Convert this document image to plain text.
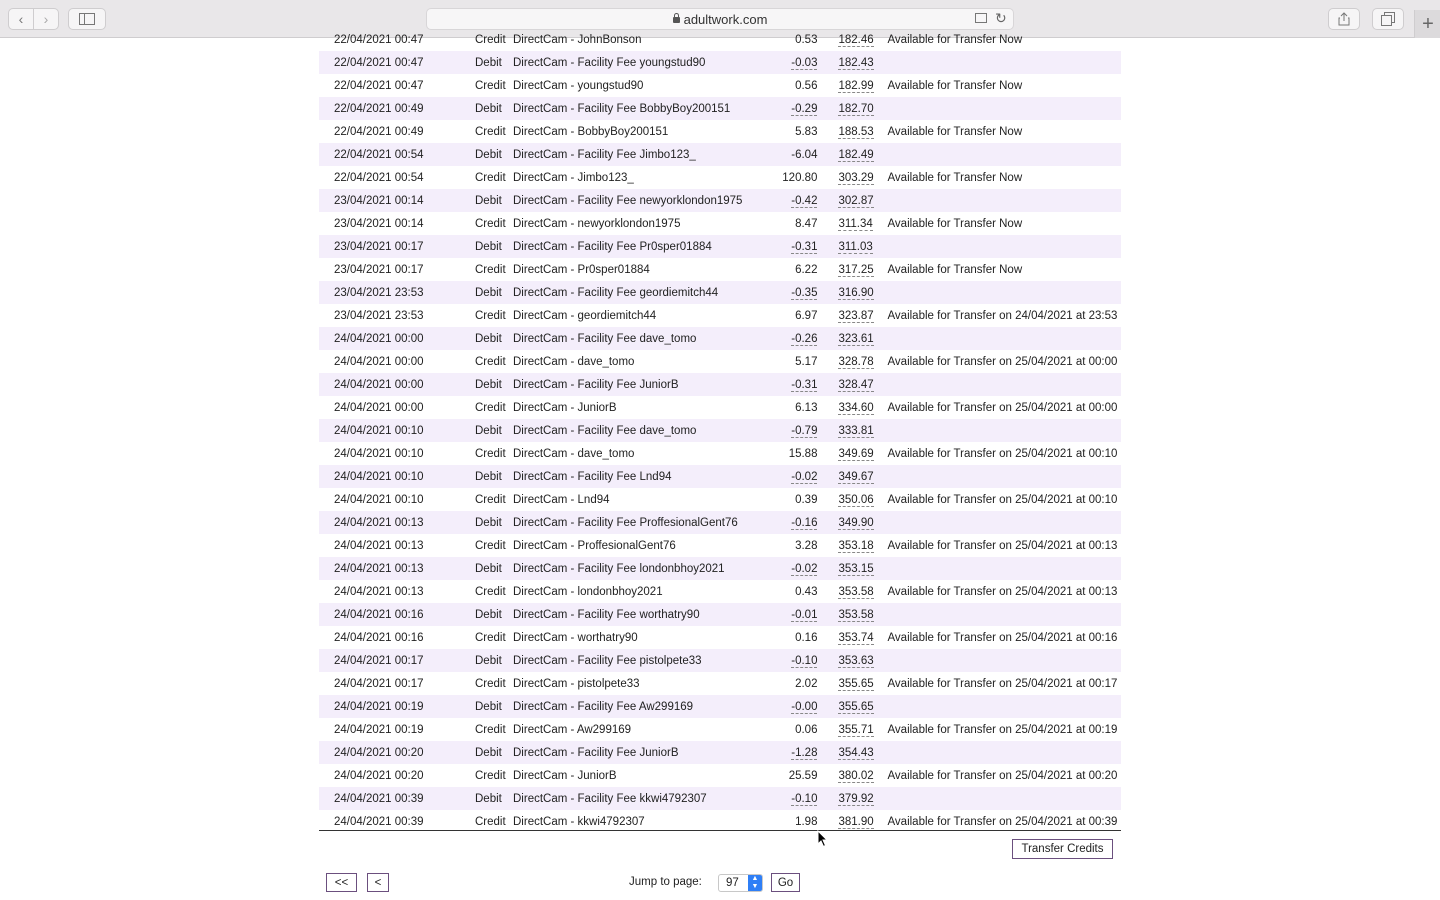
‹ ›	adultwork.com	↻	+
22/04/2021 00:47	Credit	DirectCam - JohnBonson	0.53	182.46	Available for Transfer Now
22/04/2021 00:47	Debit	DirectCam - Facility Fee youngstud90	-0.03	182.43	
22/04/2021 00:47	Credit	DirectCam - youngstud90	0.56	182.99	Available for Transfer Now
22/04/2021 00:49	Debit	DirectCam - Facility Fee BobbyBoy200151	-0.29	182.70	
22/04/2021 00:49	Credit	DirectCam - BobbyBoy200151	5.83	188.53	Available for Transfer Now
22/04/2021 00:54	Debit	DirectCam - Facility Fee Jimbo123_	-6.04	182.49	
22/04/2021 00:54	Credit	DirectCam - Jimbo123_	120.80	303.29	Available for Transfer Now
23/04/2021 00:14	Debit	DirectCam - Facility Fee newyorklondon1975	-0.42	302.87	
23/04/2021 00:14	Credit	DirectCam - newyorklondon1975	8.47	311.34	Available for Transfer Now
23/04/2021 00:17	Debit	DirectCam - Facility Fee Pr0sper01884	-0.31	311.03	
23/04/2021 00:17	Credit	DirectCam - Pr0sper01884	6.22	317.25	Available for Transfer Now
23/04/2021 23:53	Debit	DirectCam - Facility Fee geordiemitch44	-0.35	316.90	
23/04/2021 23:53	Credit	DirectCam - geordiemitch44	6.97	323.87	Available for Transfer on 24/04/2021 at 23:53
24/04/2021 00:00	Debit	DirectCam - Facility Fee dave_tomo	-0.26	323.61	
24/04/2021 00:00	Credit	DirectCam - dave_tomo	5.17	328.78	Available for Transfer on 25/04/2021 at 00:00
24/04/2021 00:00	Debit	DirectCam - Facility Fee JuniorB	-0.31	328.47	
24/04/2021 00:00	Credit	DirectCam - JuniorB	6.13	334.60	Available for Transfer on 25/04/2021 at 00:00
24/04/2021 00:10	Debit	DirectCam - Facility Fee dave_tomo	-0.79	333.81	
24/04/2021 00:10	Credit	DirectCam - dave_tomo	15.88	349.69	Available for Transfer on 25/04/2021 at 00:10
24/04/2021 00:10	Debit	DirectCam - Facility Fee Lnd94	-0.02	349.67	
24/04/2021 00:10	Credit	DirectCam - Lnd94	0.39	350.06	Available for Transfer on 25/04/2021 at 00:10
24/04/2021 00:13	Debit	DirectCam - Facility Fee ProffesionalGent76	-0.16	349.90	
24/04/2021 00:13	Credit	DirectCam - ProffesionalGent76	3.28	353.18	Available for Transfer on 25/04/2021 at 00:13
24/04/2021 00:13	Debit	DirectCam - Facility Fee londonbhoy2021	-0.02	353.15	
24/04/2021 00:13	Credit	DirectCam - londonbhoy2021	0.43	353.58	Available for Transfer on 25/04/2021 at 00:13
24/04/2021 00:16	Debit	DirectCam - Facility Fee worthatry90	-0.01	353.58	
24/04/2021 00:16	Credit	DirectCam - worthatry90	0.16	353.74	Available for Transfer on 25/04/2021 at 00:16
24/04/2021 00:17	Debit	DirectCam - Facility Fee pistolpete33	-0.10	353.63	
24/04/2021 00:17	Credit	DirectCam - pistolpete33	2.02	355.65	Available for Transfer on 25/04/2021 at 00:17
24/04/2021 00:19	Debit	DirectCam - Facility Fee Aw299169	-0.00	355.65	
24/04/2021 00:19	Credit	DirectCam - Aw299169	0.06	355.71	Available for Transfer on 25/04/2021 at 00:19
24/04/2021 00:20	Debit	DirectCam - Facility Fee JuniorB	-1.28	354.43	
24/04/2021 00:20	Credit	DirectCam - JuniorB	25.59	380.02	Available for Transfer on 25/04/2021 at 00:20
24/04/2021 00:39	Debit	DirectCam - Facility Fee kkwi4792307	-0.10	379.92	
24/04/2021 00:39	Credit	DirectCam - kkwi4792307	1.98	381.90	Available for Transfer on 25/04/2021 at 00:39
Transfer Credits
<<	<	Jump to page: 97	▲
▼	Go
